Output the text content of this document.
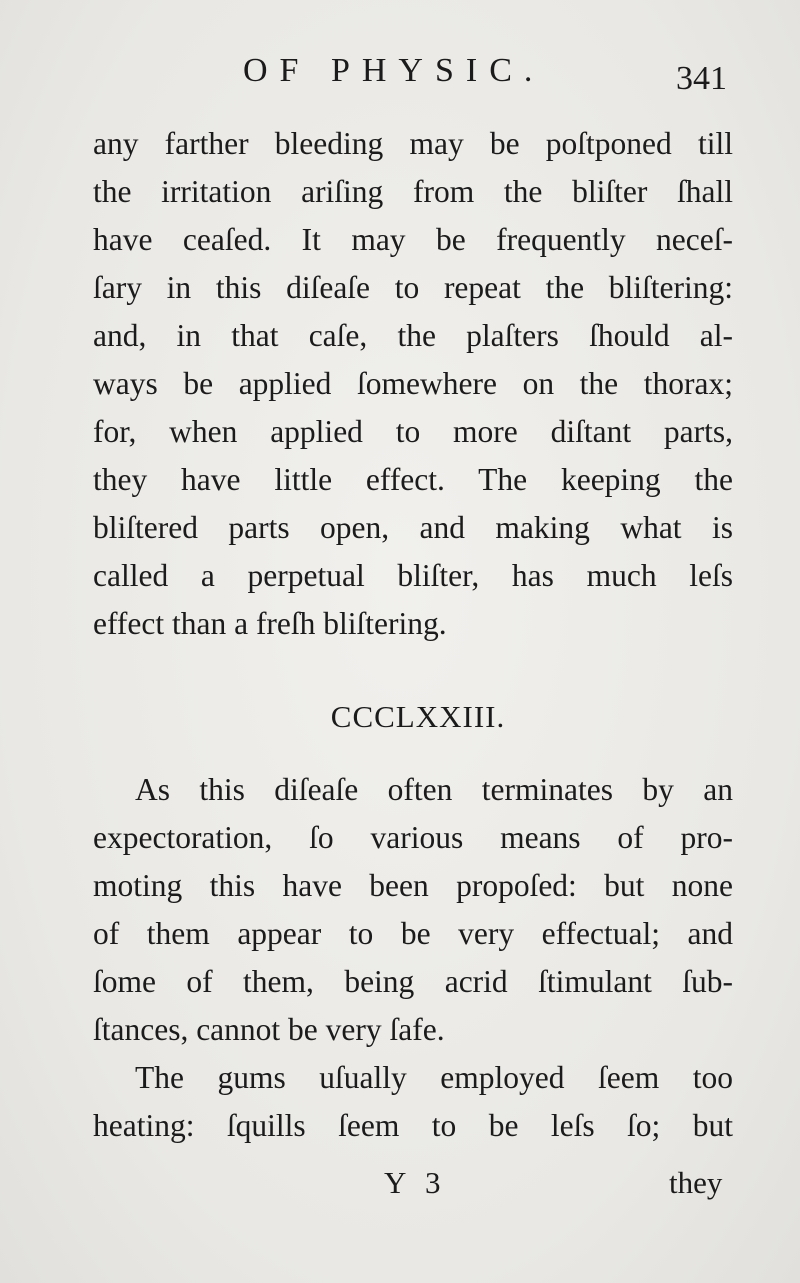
OF PHYSIC.	341
any farther bleeding may be poſtponed till
the irritation ariſing from the bliſter ſhall
have ceaſed. It may be frequently neceſ-
ſary in this diſeaſe to repeat the bliſtering:
and, in that caſe, the plaſters ſhould al-
ways be applied ſomewhere on the thorax;
for, when applied to more diſtant parts,
they have little effect. The keeping the
bliſtered parts open, and making what is
called a perpetual bliſter, has much leſs
effect than a freſh bliſtering.
CCCLXXIII.
As this diſeaſe often terminates by an
expectoration, ſo various means of pro-
moting this have been propoſed: but none
of them appear to be very effectual; and
ſome of them, being acrid ſtimulant ſub-
ſtances, cannot be very ſafe.
The gums uſually employed ſeem too
heating: ſquills ſeem to be leſs ſo; but
Y 3	they
